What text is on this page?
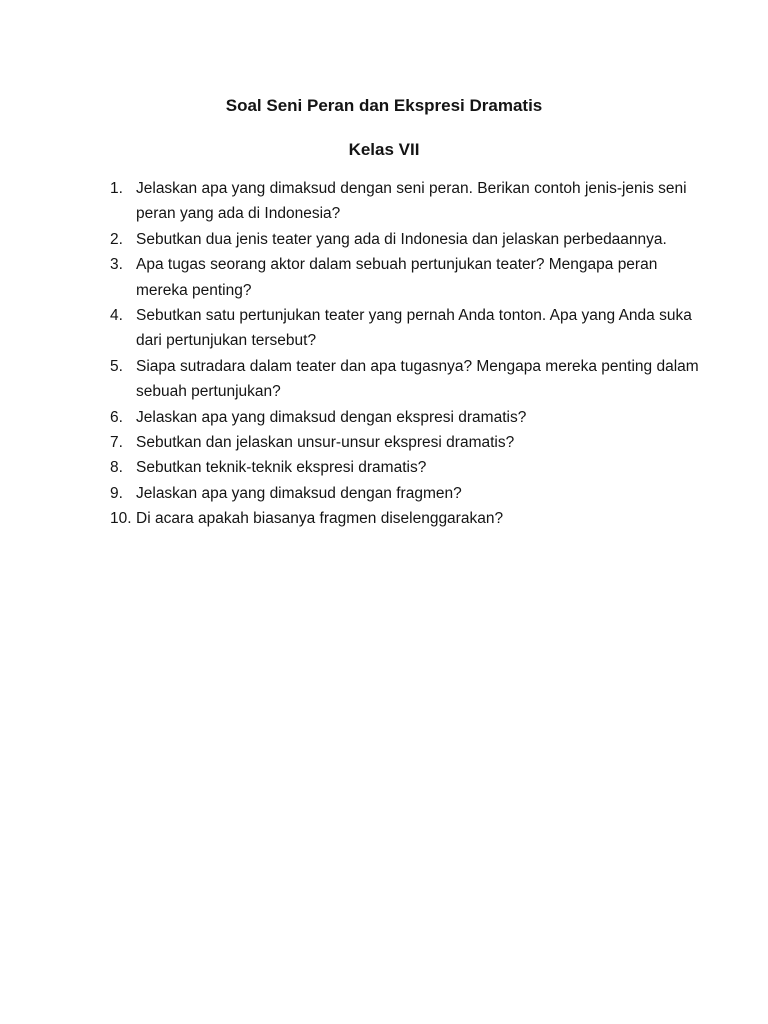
Soal Seni Peran dan Ekspresi Dramatis
Kelas VII
1. Jelaskan apa yang dimaksud dengan seni peran. Berikan contoh jenis-jenis seni peran yang ada di Indonesia?
2. Sebutkan dua jenis teater yang ada di Indonesia dan jelaskan perbedaannya.
3. Apa tugas seorang aktor dalam sebuah pertunjukan teater? Mengapa peran mereka penting?
4. Sebutkan satu pertunjukan teater yang pernah Anda tonton. Apa yang Anda suka dari pertunjukan tersebut?
5. Siapa sutradara dalam teater dan apa tugasnya? Mengapa mereka penting dalam sebuah pertunjukan?
6. Jelaskan apa yang dimaksud dengan ekspresi dramatis?
7. Sebutkan dan jelaskan unsur-unsur ekspresi dramatis?
8. Sebutkan teknik-teknik ekspresi dramatis?
9. Jelaskan apa yang dimaksud dengan fragmen?
10. Di acara apakah biasanya fragmen diselenggarakan?
